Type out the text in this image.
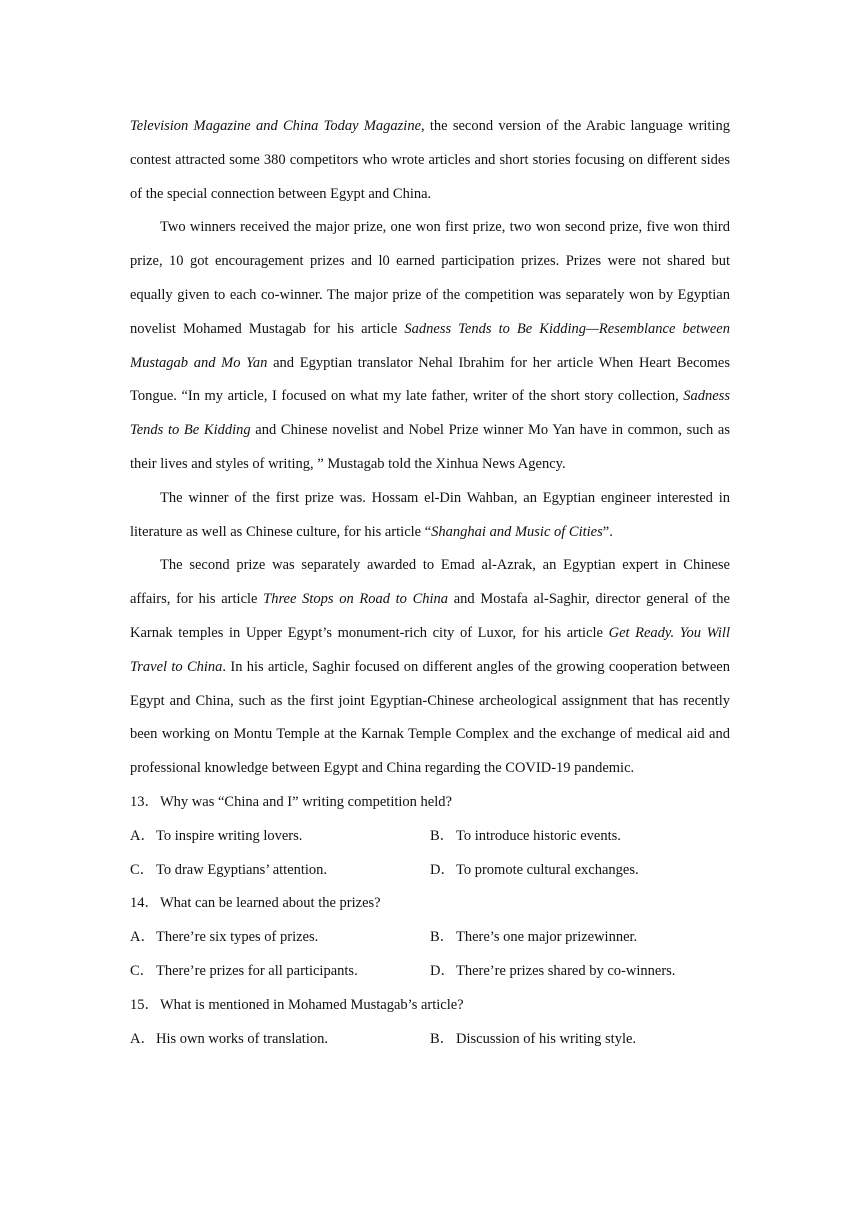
Television Magazine and China Today Magazine, the second version of the Arabic language writing contest attracted some 380 competitors who wrote articles and short stories focusing on different sides of the special connection between Egypt and China.

Two winners received the major prize, one won first prize, two won second prize, five won third prize, 10 got encouragement prizes and l0 earned participation prizes. Prizes were not shared but equally given to each co-winner. The major prize of the competition was separately won by Egyptian novelist Mohamed Mustagab for his article Sadness Tends to Be Kidding—Resemblance between Mustagab and Mo Yan and Egyptian translator Nehal Ibrahim for her article When Heart Becomes Tongue. “In my article, I focused on what my late father, writer of the short story collection, Sadness Tends to Be Kidding and Chinese novelist and Nobel Prize winner Mo Yan have in common, such as their lives and styles of writing, ” Mustagab told the Xinhua News Agency.

The winner of the first prize was. Hossam el-Din Wahban, an Egyptian engineer interested in literature as well as Chinese culture, for his article “Shanghai and Music of Cities”.

The second prize was separately awarded to Emad al-Azrak, an Egyptian expert in Chinese affairs, for his article Three Stops on Road to China and Mostafa al-Saghir, director general of the Karnak temples in Upper Egypt’s monument-rich city of Luxor, for his article Get Ready. You Will Travel to China. In his article, Saghir focused on different angles of the growing cooperation between Egypt and China, such as the first joint Egyptian-Chinese archeological assignment that has recently been working on Montu Temple at the Karnak Temple Complex and the exchange of medical aid and professional knowledge between Egypt and China regarding the COVID-19 pandemic.

13．Why was “China and I” writing competition held?
A．To inspire writing lovers.	B． To introduce historic events.
C． To draw Egyptians’ attention.	D．To promote cultural exchanges.
14．What can be learned about the prizes?
A．There’re six types of prizes.	B． There’s one major prizewinner.
C． There’re prizes for all participants.	D．There’re prizes shared by co-winners.
15．What is mentioned in Mohamed Mustagab’s article?
A．His own works of translation.	B． Discussion of his writing style.
